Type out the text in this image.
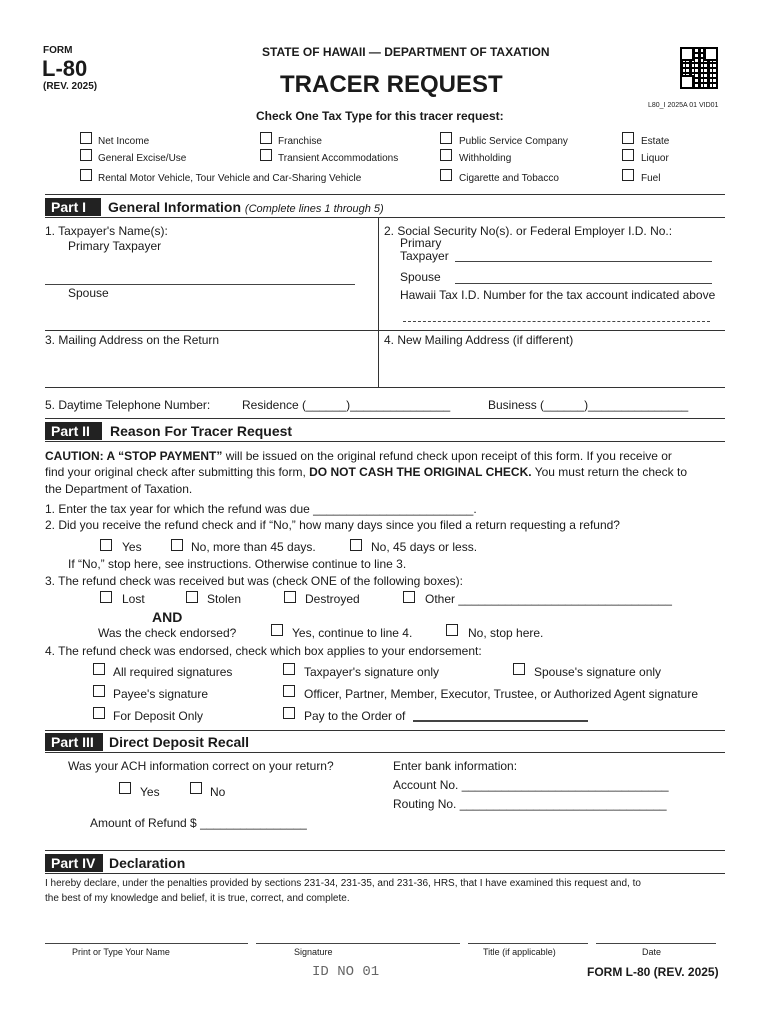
FORM
L-80
(REV. 2025)
STATE OF HAWAII — DEPARTMENT OF TAXATION
TRACER REQUEST
L80_I 2025A 01 VID01
Check One Tax Type for this tracer request:
Net Income	Franchise	Public Service Company	Estate
General Excise/Use	Transient Accommodations	Withholding	Liquor
Rental Motor Vehicle, Tour Vehicle and Car-Sharing Vehicle	Cigarette and Tobacco	Fuel
Part I	General Information (Complete lines 1 through 5)
1. Taxpayer's Name(s):
Primary Taxpayer
Spouse
2. Social Security No(s). or Federal Employer I.D. No.:
Primary
Taxpayer
Spouse
Hawaii Tax I.D. Number for the tax account indicated above
3. Mailing Address on the Return	4. New Mailing Address (if different)
5. Daytime Telephone Number:	Residence (______)_______________	Business (______)_______________
Part II	Reason For Tracer Request
CAUTION: A “STOP PAYMENT” will be issued on the original refund check upon receipt of this form. If you receive or
find your original check after submitting this form, DO NOT CASH THE ORIGINAL CHECK. You must return the check to
the Department of Taxation.
1. Enter the tax year for which the refund was due ________________________.
2. Did you receive the refund check and if “No,” how many days since you filed a return requesting a refund?
Yes	No, more than 45 days.	No, 45 days or less.
If “No,” stop here, see instructions. Otherwise continue to line 3.
3. The refund check was received but was (check ONE of the following boxes):
Lost	Stolen	Destroyed	Other ________________________________
AND
Was the check endorsed?	Yes, continue to line 4.	No, stop here.
4. The refund check was endorsed, check which box applies to your endorsement:
All required signatures	Taxpayer's signature only	Spouse's signature only
Payee's signature	Officer, Partner, Member, Executor, Trustee, or Authorized Agent signature
For Deposit Only	Pay to the Order of
Part III	Direct Deposit Recall
Was your ACH information correct on your return?
Yes	No
Enter bank information:
Account No. _______________________________
Routing No. _______________________________
Amount of Refund $ ________________
Part IV Declaration
I hereby declare, under the penalties provided by sections 231-34, 231-35, and 231-36, HRS, that I have examined this request and, to
the best of my knowledge and belief, it is true, correct, and complete.
Print or Type Your Name	Signature	Title (if applicable)	Date
ID NO 01	FORM L-80 (REV. 2025)
